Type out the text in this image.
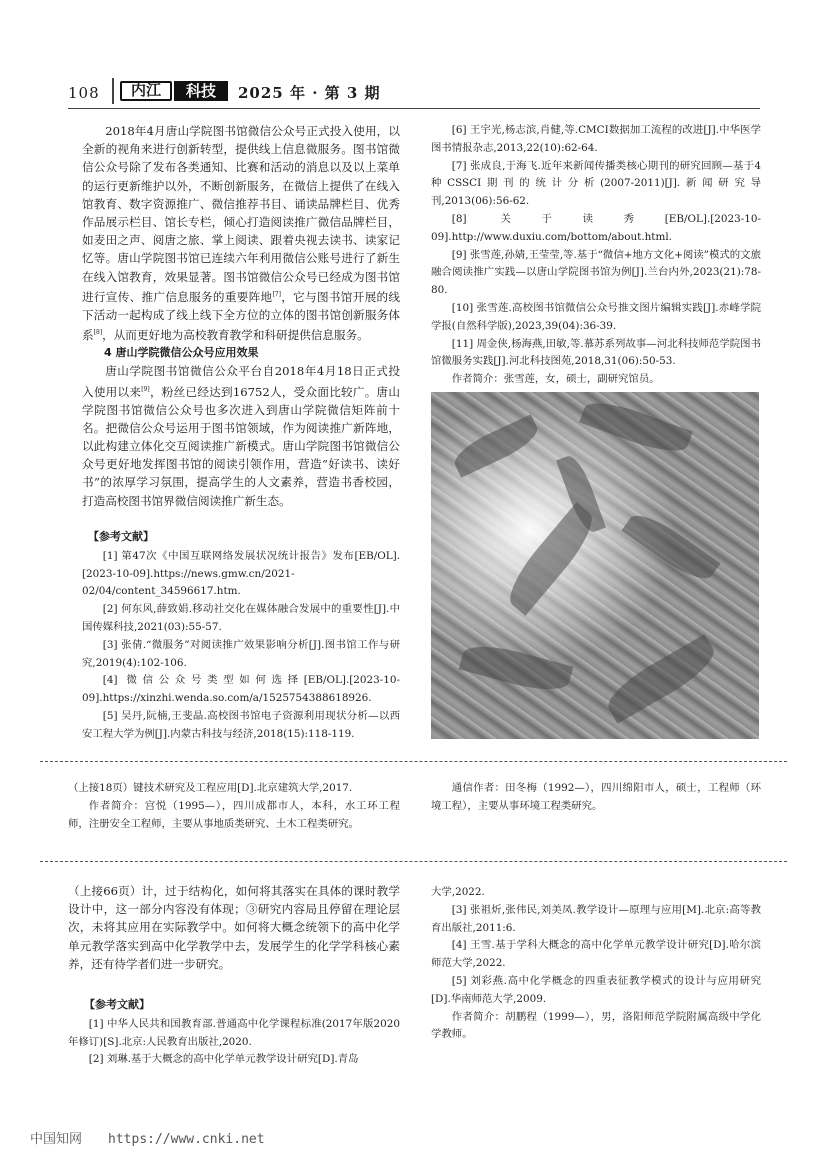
108	内江	科技	2025 年 · 第 3 期

2018年4月唐山学院图书馆微信公众号正式投入使用，以全新的视角来进行创新转型，提供线上信息微服务。图书馆微信公众号除了发布各类通知、比赛和活动的消息以及以上菜单的运行更新维护以外，不断创新服务，在微信上提供了在线入馆教育、数字资源推广、微信推荐书目、诵读品牌栏目、优秀作品展示栏目、馆长专栏，倾心打造阅读推广微信品牌栏目，如麦田之声、阅唐之旅、掌上阅读、跟着央视去读书、读家记忆等。唐山学院图书馆已连续六年利用微信公账号进行了新生在线入馆教育，效果显著。图书馆微信公众号已经成为图书馆进行宣传、推广信息服务的重要阵地[7]，它与图书馆开展的线下活动一起构成了线上线下全方位的立体的图书馆创新服务体系[8]，从而更好地为高校教育教学和科研提供信息服务。

4 唐山学院微信公众号应用效果

唐山学院图书馆微信公众平台自2018年4月18日正式投入使用以来[9]，粉丝已经达到16752人，受众面比较广。唐山学院图书馆微信公众号也多次进入到唐山学院微信矩阵前十名。把微信公众号运用于图书馆领域，作为阅读推广新阵地，以此构建立体化交互阅读推广新模式。唐山学院图书馆微信公众号更好地发挥图书馆的阅读引领作用，营造“好读书、读好书”的浓厚学习氛围，提高学生的人文素养，营造书香校园，打造高校图书馆界微信阅读推广新生态。

【参考文献】

[1] 第47次《中国互联网络发展状况统计报告》发布[EB/OL].[2023-10-09].https://news.gmw.cn/2021-02/04/content_34596617.htm.

[2] 何东风,薛致娟.移动社交化在媒体融合发展中的重要性[J].中国传媒科技,2021(03):55-57.

[3] 张倩.“微服务”对阅读推广效果影响分析[J].图书馆工作与研究,2019(4):102-106.

[4] 微信公众号类型如何选择[EB/OL].[2023-10-09].https://xinzhi.wenda.so.com/a/1525754388618926.

[5] 吴丹,阮楠,王斐晶.高校图书馆电子资源利用现状分析—以西安工程大学为例[J].内蒙古科技与经济,2018(15):118-119.

[6] 王宇光,杨志滨,肖健,等.CMCI数据加工流程的改进[J].中华医学图书情报杂志,2013,22(10):62-64.

[7] 张成良,于海飞.近年来新闻传播类核心期刊的研究回顾—基于4种CSSCI期刊的统计分析(2007-2011)[J].新闻研究导刊,2013(06):56-62.

[8] 关于读秀[EB/OL].[2023-10-09].http://www.duxiu.com/bottom/about.html.

[9] 张雪莲,孙婧,王莹莹,等.基于“微信+地方文化+阅读”模式的文旅融合阅读推广实践—以唐山学院图书馆为例[J].兰台内外,2023(21):78-80.

[10] 张雪莲.高校图书馆微信公众号推文图片编辑实践[J].赤峰学院学报(自然科学版),2023,39(04):36-39.

[11] 周金侠,杨海燕,田敏,等.慕苏系列故事—河北科技师范学院图书馆微服务实践[J].河北科技图苑,2018,31(06):50-53.

作者简介：张雪莲，女，硕士，副研究馆员。

（上接18页）键技术研究及工程应用[D].北京建筑大学,2017.

作者简介：宫悦（1995—），四川成都市人，本科，水工环工程师，注册安全工程师，主要从事地质类研究、土木工程类研究。

通信作者：田冬梅（1992—），四川绵阳市人，硕士，工程师（环境工程），主要从事环境工程类研究。

（上接66页）计，过于结构化，如何将其落实在具体的课时教学设计中，这一部分内容没有体现；③研究内容局且停留在理论层次，未将其应用在实际教学中。如何将大概念统领下的高中化学单元教学落实到高中化学教学中去，发展学生的化学学科核心素养，还有待学者们进一步研究。

【参考文献】

[1] 中华人民共和国教育部.普通高中化学课程标准(2017年版2020年修订)[S].北京:人民教育出版社,2020.

[2] 刘琳.基于大概念的高中化学单元教学设计研究[D].青岛

大学,2022.

[3] 张祖炘,张伟民,刘美凤.教学设计—原理与应用[M].北京:高等教育出版社,2011:6.

[4] 王雪.基于学科大概念的高中化学单元教学设计研究[D].哈尔滨师范大学,2022.

[5] 刘彩燕.高中化学概念的四重表征教学模式的设计与应用研究[D].华南师范大学,2009.

作者简介：胡鹏程（1999—），男，洛阳师范学院附属高级中学化学教师。

中国知网 https://www.cnki.net
